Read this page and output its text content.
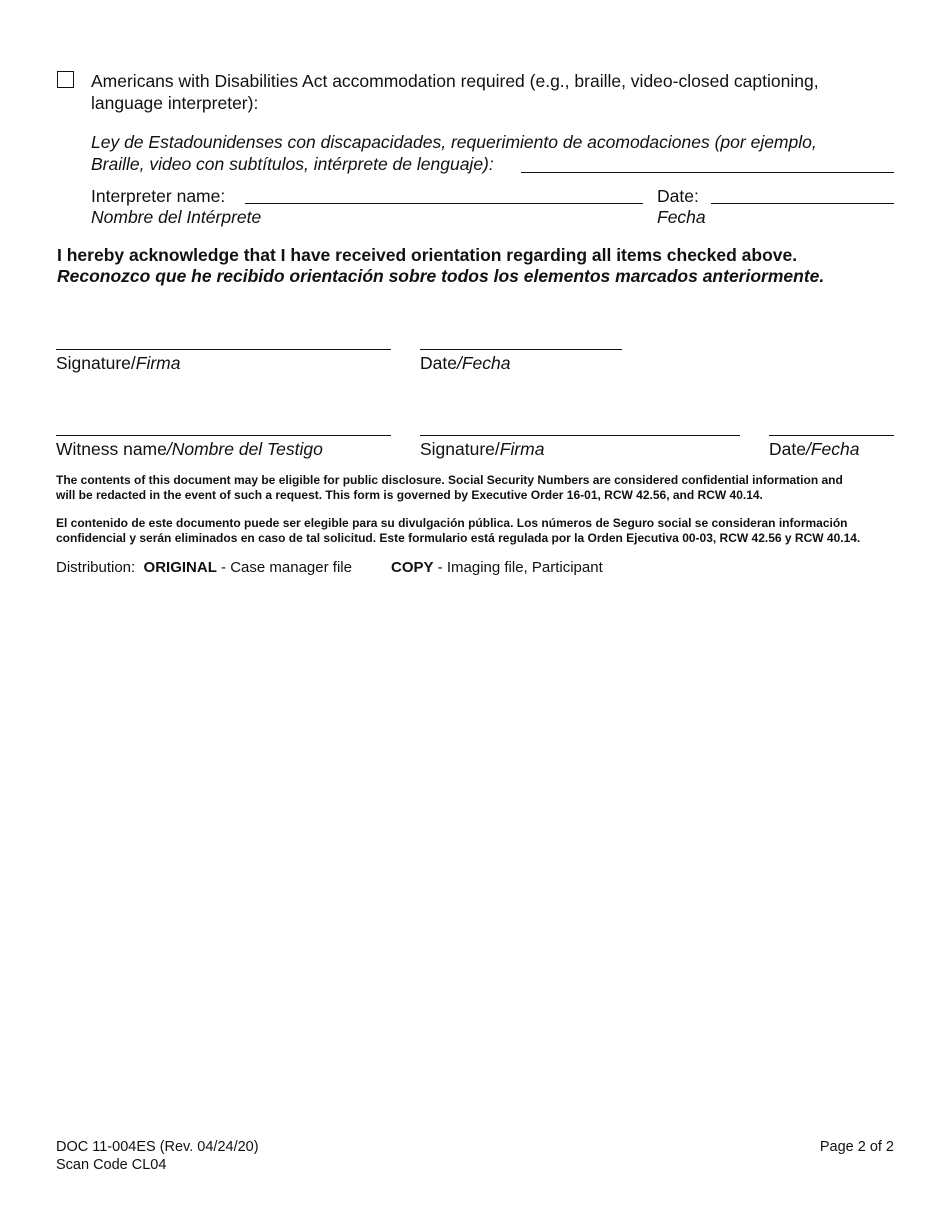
Americans with Disabilities Act accommodation required (e.g., braille, video-closed captioning,
language interpreter):
Ley de Estadounidenses con discapacidades, requerimiento de acomodaciones (por ejemplo,
Braille, video con subtítulos, intérprete de lenguaje):
Interpreter name:
Nombre del Intérprete
Date:
Fecha
I hereby acknowledge that I have received orientation regarding all items checked above.
Reconozco que he recibido orientación sobre todos los elementos marcados anteriormente.
Signature/Firma	Date/Fecha
Witness name/Nombre del Testigo	Signature/Firma	Date/Fecha
The contents of this document may be eligible for public disclosure. Social Security Numbers are considered confidential information and
will be redacted in the event of such a request. This form is governed by Executive Order 16-01, RCW 42.56, and RCW 40.14.
El contenido de este documento puede ser elegible para su divulgación pública. Los números de Seguro social se consideran información
confidencial y serán eliminados en caso de tal solicitud. Este formulario está regulada por la Orden Ejecutiva 00-03, RCW 42.56 y RCW 40.14.
Distribution: ORIGINAL - Case manager file	COPY - Imaging file, Participant
DOC 11-004ES (Rev. 04/24/20)
Scan Code CL04
Page 2 of 2
